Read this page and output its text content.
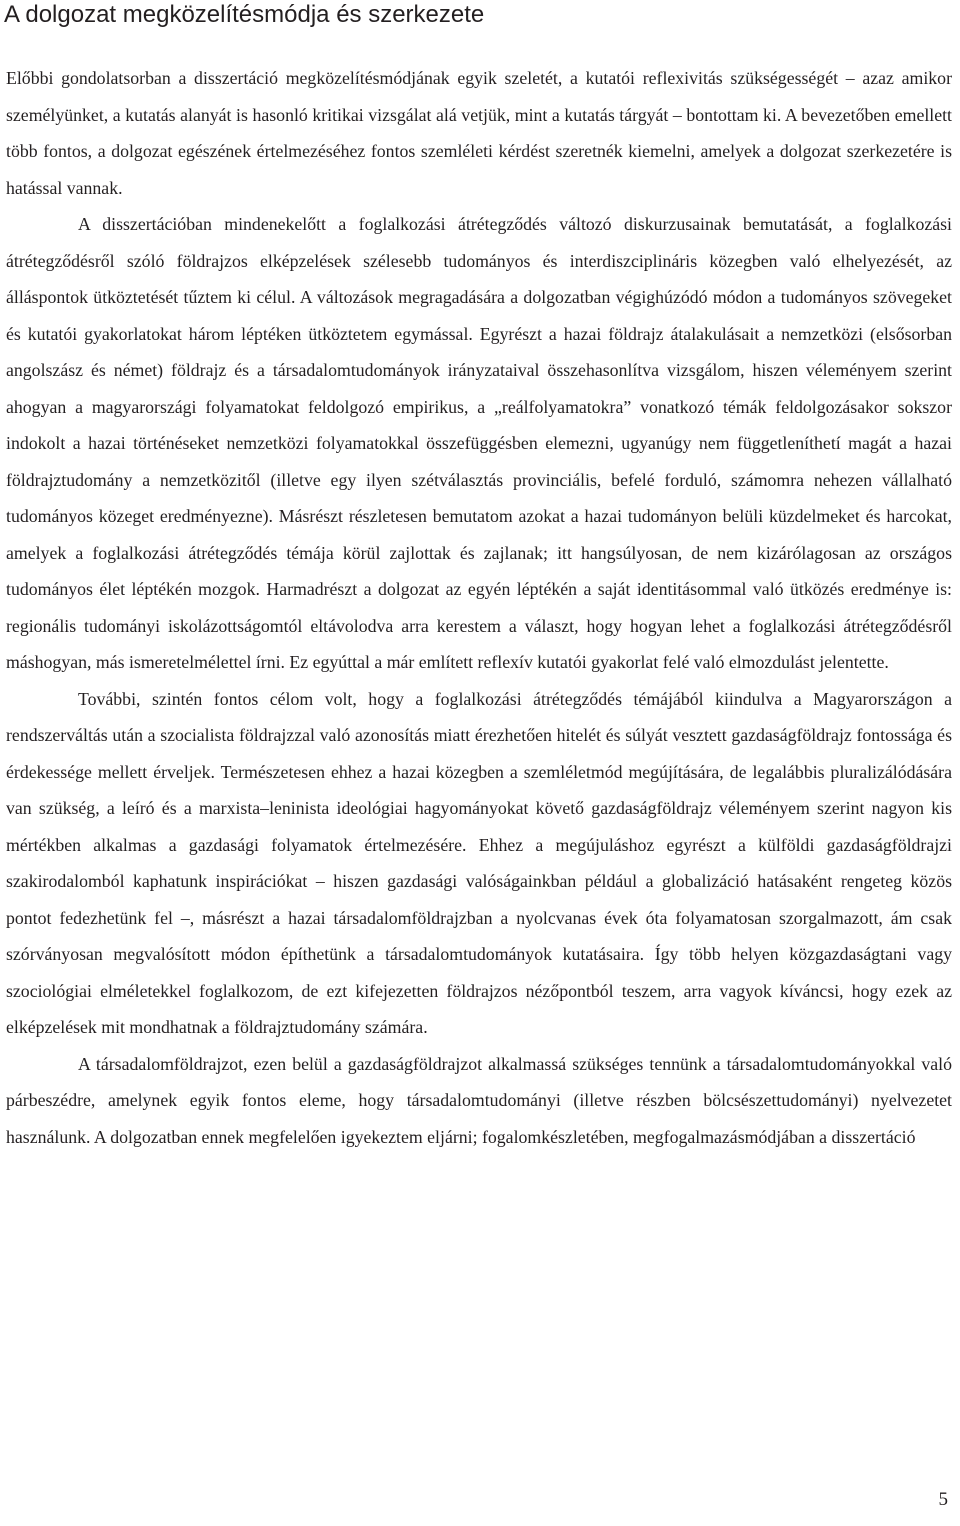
A dolgozat megközelítésmódja és szerkezete

Előbbi gondolatsorban a disszertáció megközelítésmódjának egyik szeletét, a kutatói reflexivitás szükségességét – azaz amikor személyünket, a kutatás alanyát is hasonló kritikai vizsgálat alá vetjük, mint a kutatás tárgyát – bontottam ki. A bevezetőben emellett több fontos, a dolgozat egészének értelmezéséhez fontos szemléleti kérdést szeretnék kiemelni, amelyek a dolgozat szerkezetére is hatással vannak.

A disszertációban mindenekelőtt a foglalkozási átrétegződés változó diskurzusainak bemutatását, a foglalkozási átrétegződésről szóló földrajzos elképzelések szélesebb tudományos és interdiszciplináris közegben való elhelyezését, az álláspontok ütköztetését tűztem ki célul. A változások megragadására a dolgozatban végighúzódó módon a tudományos szövegeket és kutatói gyakorlatokat három léptéken ütköztetem egymással. Egyrészt a hazai földrajz átalakulásait a nemzetközi (elsősorban angolszász és német) földrajz és a társadalomtudományok irányzataival összehasonlítva vizsgálom, hiszen véleményem szerint ahogyan a magyarországi folyamatokat feldolgozó empirikus, a „reálfolyamatokra” vonatkozó témák feldolgozásakor sokszor indokolt a hazai történéseket nemzetközi folyamatokkal összefüggésben elemezni, ugyanúgy nem függetleníthetí magát a hazai földrajztudomány a nemzetközitől (illetve egy ilyen szétválasztás provinciális, befelé forduló, számomra nehezen vállalható tudományos közeget eredményezne). Másrészt részletesen bemutatom azokat a hazai tudományon belüli küzdelmeket és harcokat, amelyek a foglalkozási átrétegződés témája körül zajlottak és zajlanak; itt hangsúlyosan, de nem kizárólagosan az országos tudományos élet léptékén mozgok. Harmadrészt a dolgozat az egyén léptékén a saját identitásommal való ütközés eredménye is: regionális tudományi iskolázottságomtól eltávolodva arra kerestem a választ, hogy hogyan lehet a foglalkozási átrétegződésről máshogyan, más ismeretelmélettel írni. Ez egyúttal a már említett reflexív kutatói gyakorlat felé való elmozdulást jelentette.

További, szintén fontos célom volt, hogy a foglalkozási átrétegződés témájából kiindulva a Magyarországon a rendszerváltás után a szocialista földrajzzal való azonosítás miatt érezhetően hitelét és súlyát vesztett gazdaságföldrajz fontossága és érdekessége mellett érveljek. Természetesen ehhez a hazai közegben a szemléletmód megújítására, de legalábbis pluralizálódására van szükség, a leíró és a marxista–leninista ideológiai hagyományokat követő gazdaságföldrajz véleményem szerint nagyon kis mértékben alkalmas a gazdasági folyamatok értelmezésére. Ehhez a megújuláshoz egyrészt a külföldi gazdaságföldrajzi szakirodalomból kaphatunk inspirációkat – hiszen gazdasági valóságainkban például a globalizáció hatásaként rengeteg közös pontot fedezhetünk fel –, másrészt a hazai társadalomföldrajzban a nyolcvanas évek óta folyamatosan szorgalmazott, ám csak szórványosan megvalósított módon építhetünk a társadalomtudományok kutatásaira. Így több helyen közgazdaságtani vagy szociológiai elméletekkel foglalkozom, de ezt kifejezetten földrajzos nézőpontból teszem, arra vagyok kíváncsi, hogy ezek az elképzelések mit mondhatnak a földrajztudomány számára.

A társadalomföldrajzot, ezen belül a gazdaságföldrajzot alkalmassá szükséges tennünk a társadalomtudományokkal való párbeszédre, amelynek egyik fontos eleme, hogy társadalomtudományi (illetve részben bölcsészettudományi) nyelvezetet használunk. A dolgozatban ennek megfelelően igyekeztem eljárni; fogalomkészletében, megfogalmazásmódjában a disszertáció

5
